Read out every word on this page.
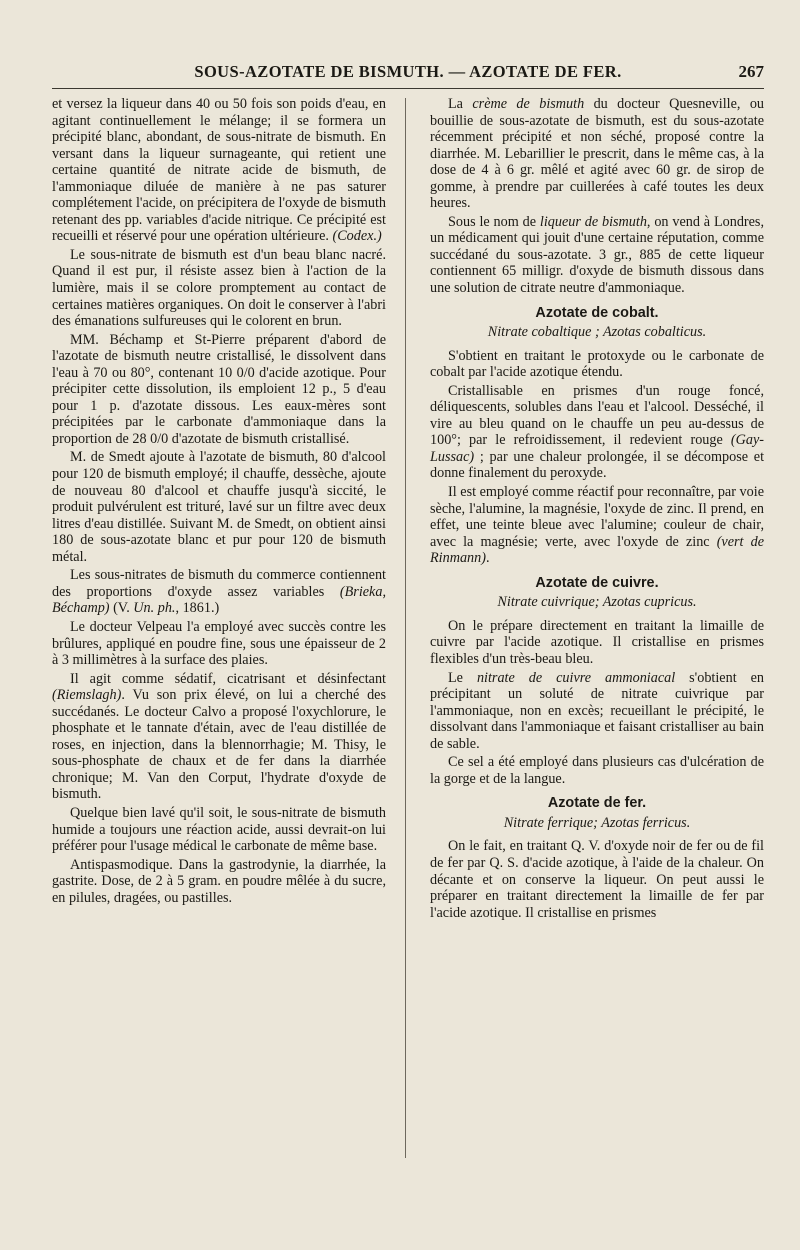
SOUS-AZOTATE DE BISMUTH. — AZOTATE DE FER.	267

et versez la liqueur dans 40 ou 50 fois son poids d'eau, en agitant continuellement le mélange; il se formera un précipité blanc, abondant, de sous-nitrate de bismuth. En versant dans la liqueur surnageante, qui retient une certaine quantité de nitrate acide de bismuth, de l'ammoniaque diluée de manière à ne pas saturer complétement l'acide, on précipitera de l'oxyde de bismuth retenant des pp. variables d'acide nitrique. Ce précipité est recueilli et réservé pour une opération ultérieure. (Codex.)

Le sous-nitrate de bismuth est d'un beau blanc nacré. Quand il est pur, il résiste assez bien à l'action de la lumière, mais il se colore promptement au contact de certaines matières organiques. On doit le conserver à l'abri des émanations sulfureuses qui le colorent en brun.

MM. Béchamp et St-Pierre préparent d'abord de l'azotate de bismuth neutre cristallisé, le dissolvent dans l'eau à 70 ou 80°, contenant 10 0/0 d'acide azotique. Pour précipiter cette dissolution, ils emploient 12 p., 5 d'eau pour 1 p. d'azotate dissous. Les eaux-mères sont précipitées par le carbonate d'ammoniaque dans la proportion de 28 0/0 d'azotate de bismuth cristallisé.

M. de Smedt ajoute à l'azotate de bismuth, 80 d'alcool pour 120 de bismuth employé; il chauffe, dessèche, ajoute de nouveau 80 d'alcool et chauffe jusqu'à siccité, le produit pulvérulent est trituré, lavé sur un filtre avec deux litres d'eau distillée. Suivant M. de Smedt, on obtient ainsi 180 de sous-azotate blanc et pur pour 120 de bismuth métal.

Les sous-nitrates de bismuth du commerce contiennent des proportions d'oxyde assez variables (Brieka, Béchamp) (V. Un. ph., 1861.)

Le docteur Velpeau l'a employé avec succès contre les brûlures, appliqué en poudre fine, sous une épaisseur de 2 à 3 millimètres à la surface des plaies.

Il agit comme sédatif, cicatrisant et désinfectant (Riemslagh). Vu son prix élevé, on lui a cherché des succédanés. Le docteur Calvo a proposé l'oxychlorure, le phosphate et le tannate d'étain, avec de l'eau distillée de roses, en injection, dans la blennorrhagie; M. Thisy, le sous-phosphate de chaux et de fer dans la diarrhée chronique; M. Van den Corput, l'hydrate d'oxyde de bismuth.

Quelque bien lavé qu'il soit, le sous-nitrate de bismuth humide a toujours une réaction acide, aussi devrait-on lui préférer pour l'usage médical le carbonate de même base.

Antispasmodique. Dans la gastrodynie, la diarrhée, la gastrite. Dose, de 2 à 5 gram. en poudre mêlée à du sucre, en pilules, dragées, ou pastilles.

La crème de bismuth du docteur Quesneville, ou bouillie de sous-azotate de bismuth, est du sous-azotate récemment précipité et non séché, proposé contre la diarrhée. M. Lebarillier le prescrit, dans le même cas, à la dose de 4 à 6 gr. mêlé et agité avec 60 gr. de sirop de gomme, à prendre par cuillerées à café toutes les deux heures.

Sous le nom de liqueur de bismuth, on vend à Londres, un médicament qui jouit d'une certaine réputation, comme succédané du sous-azotate. 3 gr., 885 de cette liqueur contiennent 65 milligr. d'oxyde de bismuth dissous dans une solution de citrate neutre d'ammoniaque.

Azotate de cobalt.
Nitrate cobaltique ; Azotas cobalticus.

S'obtient en traitant le protoxyde ou le carbonate de cobalt par l'acide azotique étendu.

Cristallisable en prismes d'un rouge foncé, déliquescents, solubles dans l'eau et l'alcool. Desséché, il vire au bleu quand on le chauffe un peu au-dessus de 100°; par le refroidissement, il redevient rouge (Gay-Lussac) ; par une chaleur prolongée, il se décompose et donne finalement du peroxyde.

Il est employé comme réactif pour reconnaître, par voie sèche, l'alumine, la magnésie, l'oxyde de zinc. Il prend, en effet, une teinte bleue avec l'alumine; couleur de chair, avec la magnésie; verte, avec l'oxyde de zinc (vert de Rinmann).

Azotate de cuivre.
Nitrate cuivrique; Azotas cupricus.

On le prépare directement en traitant la limaille de cuivre par l'acide azotique. Il cristallise en prismes flexibles d'un très-beau bleu.

Le nitrate de cuivre ammoniacal s'obtient en précipitant un soluté de nitrate cuivrique par l'ammoniaque, non en excès; recueillant le précipité, le dissolvant dans l'ammoniaque et faisant cristalliser au bain de sable.

Ce sel a été employé dans plusieurs cas d'ulcération de la gorge et de la langue.

Azotate de fer.
Nitrate ferrique; Azotas ferricus.

On le fait, en traitant Q. V. d'oxyde noir de fer ou de fil de fer par Q. S. d'acide azotique, à l'aide de la chaleur. On décante et on conserve la liqueur. On peut aussi le préparer en traitant directement la limaille de fer par l'acide azotique. Il cristallise en prismes
